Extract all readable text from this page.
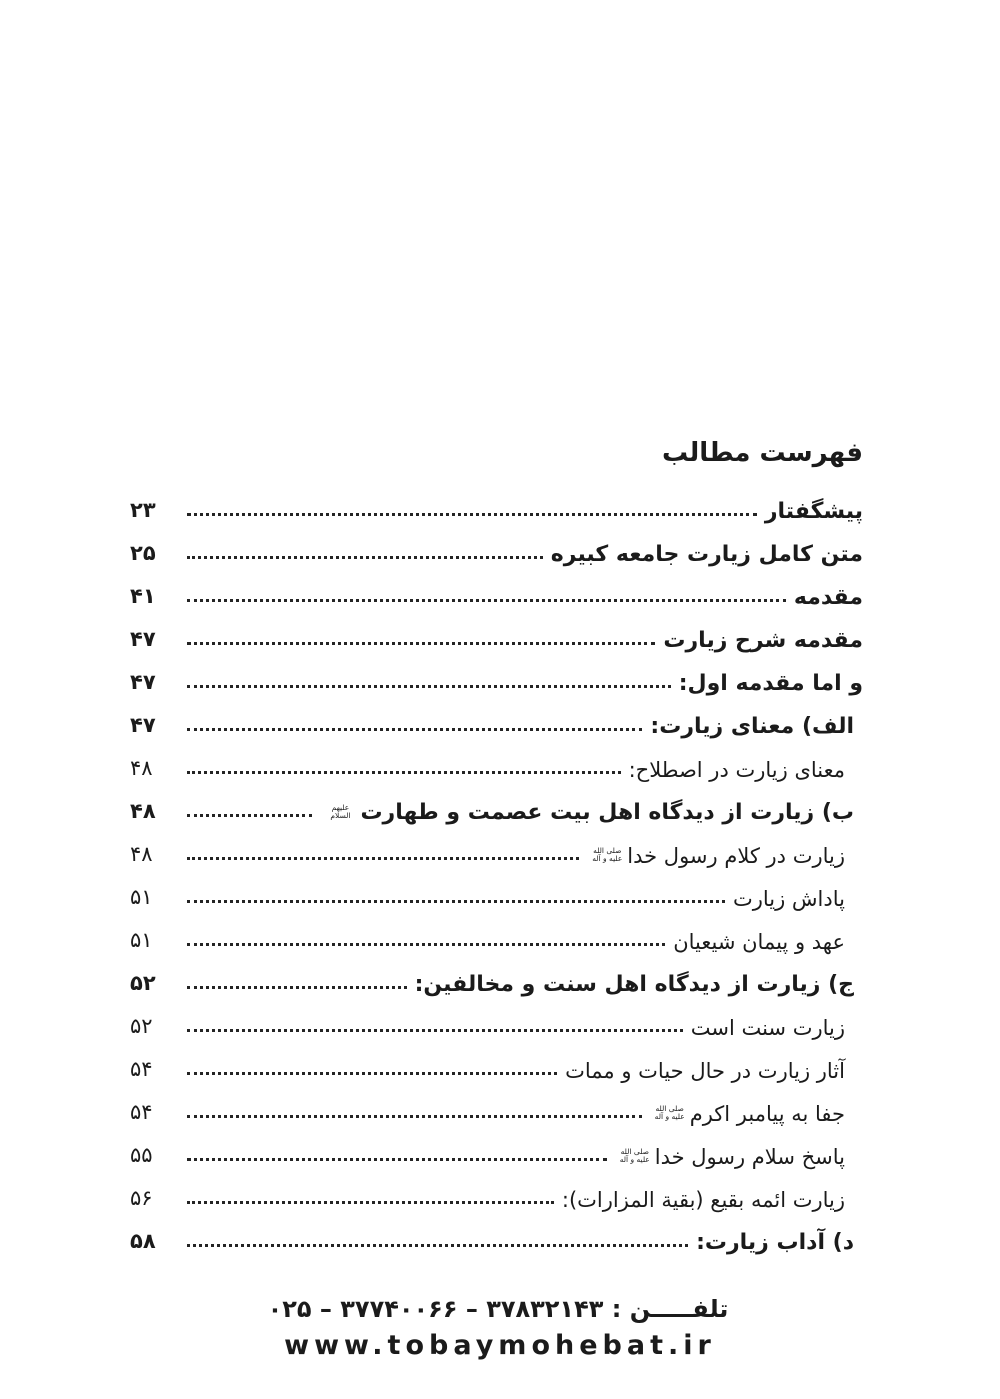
فهرست مطالب
پیشگفتار
۲۳
متن کامل زیارت جامعه کبیره
۲۵
مقدمه
۴۱
مقدمه شرح زیارت
۴۷
و اما مقدمه اول:
۴۷
الف) معنای زیارت:
۴۷
معنای زیارت در اصطلاح:
۴۸
ب) زیارت از دیدگاه اهل بیت عصمت و طهارت
علیهم السلام
۴۸
زیارت در کلام رسول خدا
صلی الله علیه و آله
۴۸
پاداش زیارت
۵۱
عهد و پیمان شیعیان
۵۱
ج) زیارت از دیدگاه اهل سنت و مخالفین:
۵۲
زیارت سنت است
۵۲
آثار زیارت در حال حیات و ممات
۵۴
جفا به پیامبر اکرم
صلی الله علیه و آله
۵۴
پاسخ سلام رسول خدا
صلی الله علیه و آله
۵۵
زیارت ائمه بقیع (بقیة المزارات):
۵۶
د) آداب زیارت:
۵۸
تلفـــــن : ۳۷۸۳۲۱۴۳ – ۳۷۷۴۰۰۶۶ – ۰۲۵
www.tobaymohebat.ir
